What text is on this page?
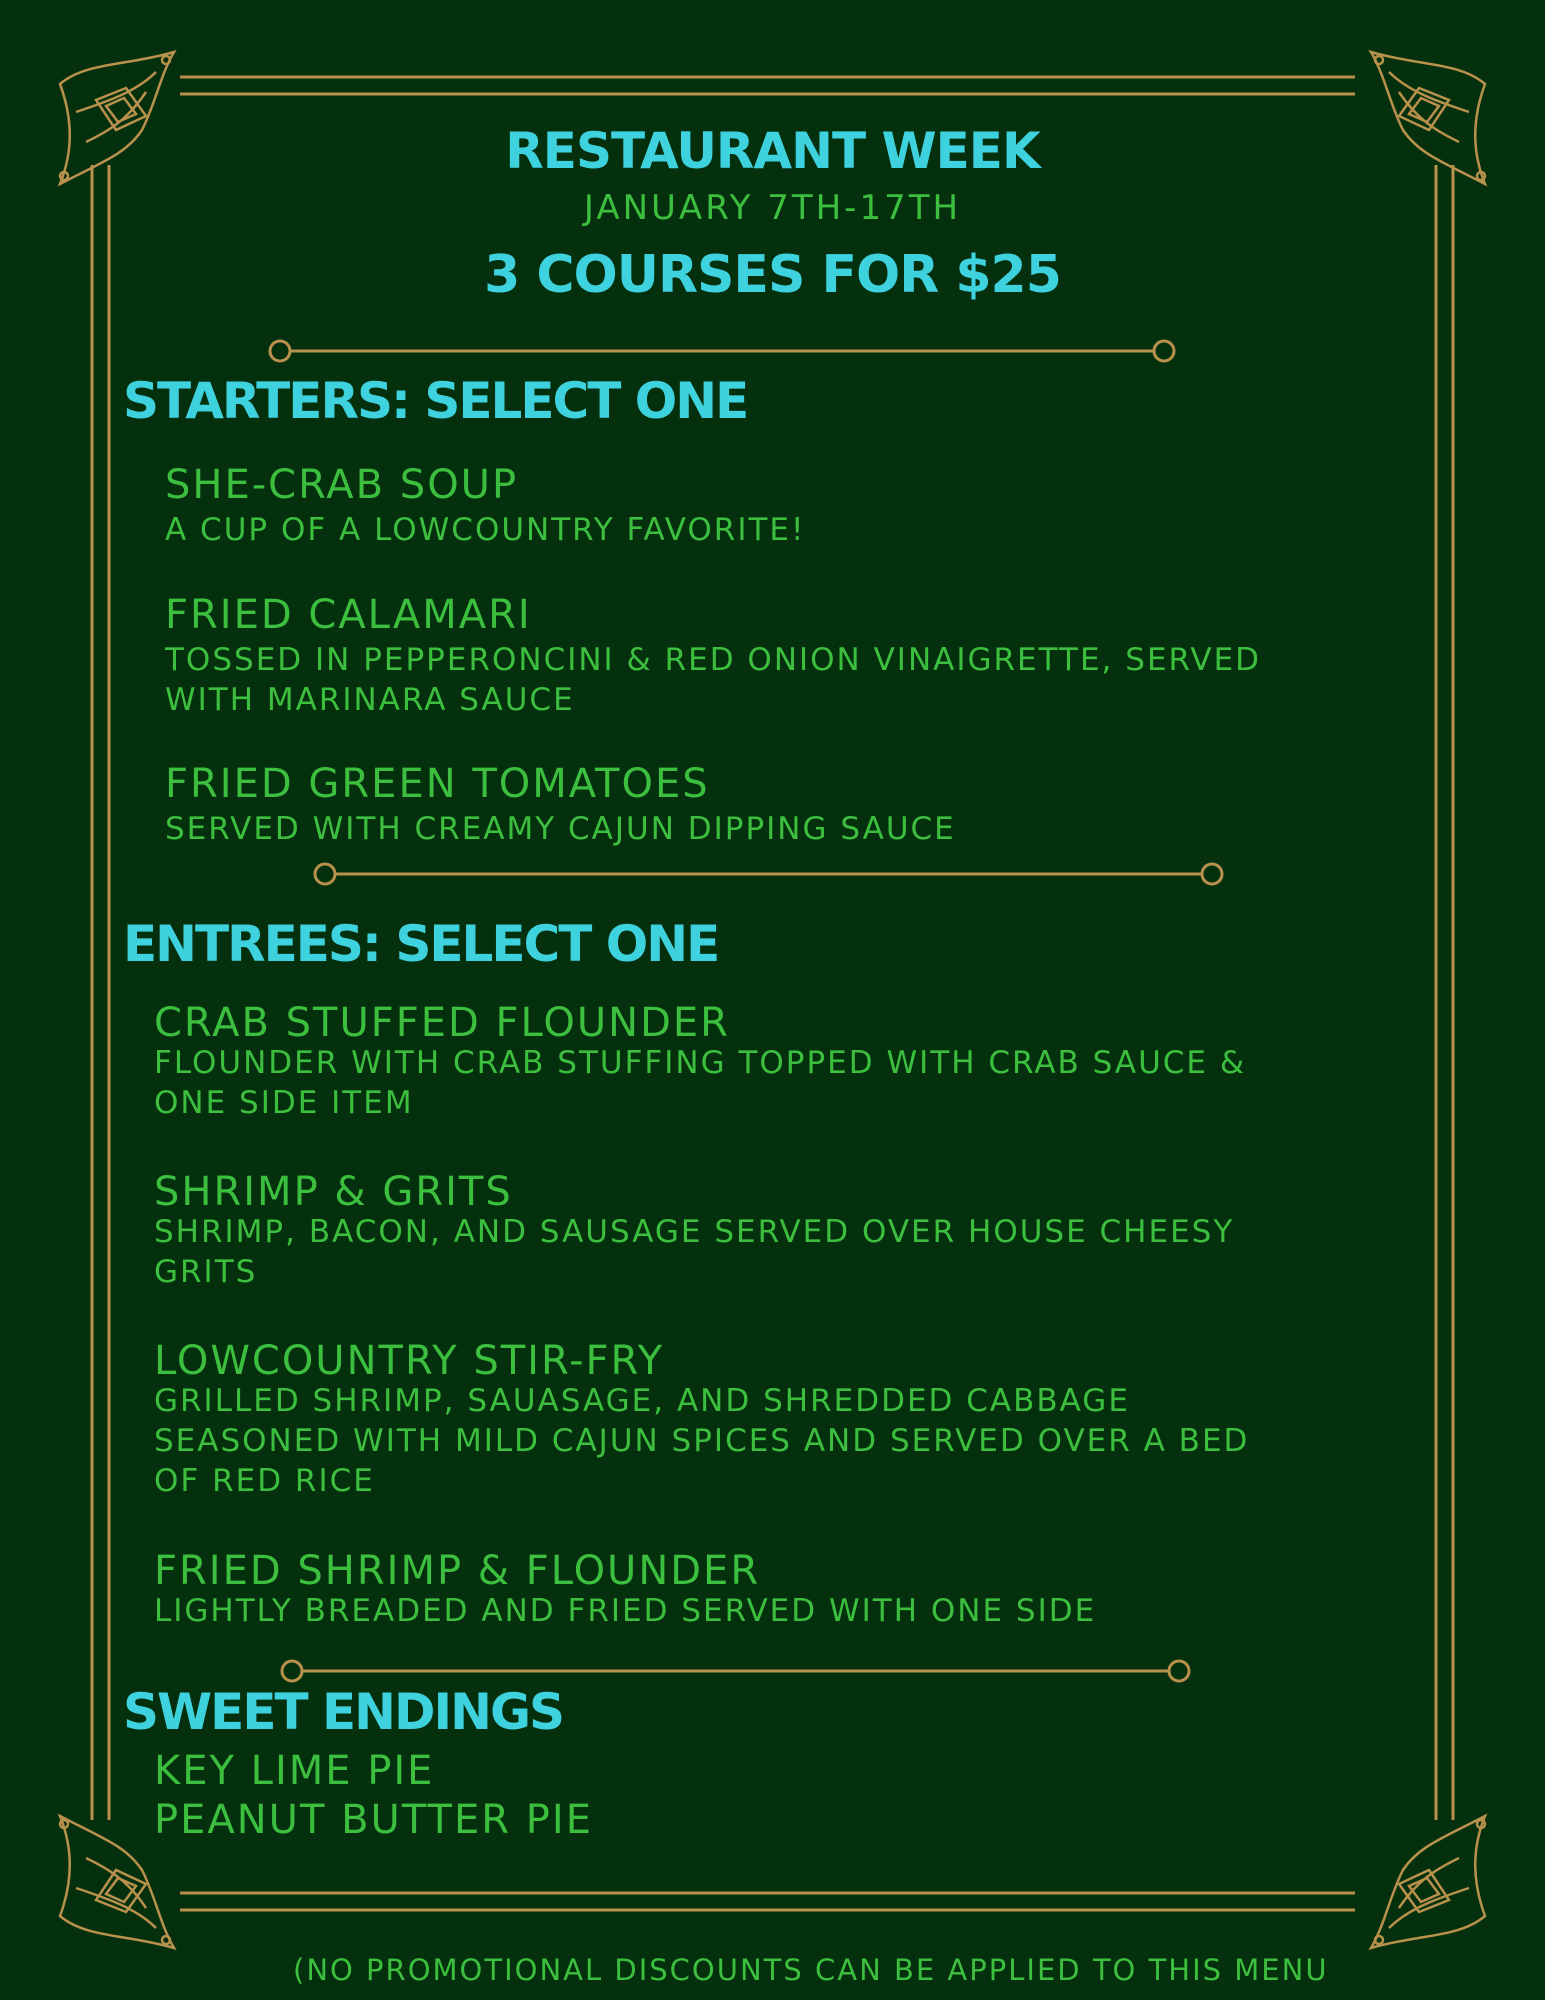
RESTAURANT WEEK
JANUARY 7TH-17TH
3 COURSES FOR $25
STARTERS: SELECT ONE
SHE-CRAB SOUP
A CUP OF A LOWCOUNTRY FAVORITE!
FRIED CALAMARI
TOSSED IN PEPPERONCINI & RED ONION VINAIGRETTE, SERVED
WITH MARINARA SAUCE
FRIED GREEN TOMATOES
SERVED WITH CREAMY CAJUN DIPPING SAUCE
ENTREES: SELECT ONE
CRAB STUFFED FLOUNDER
FLOUNDER WITH CRAB STUFFING TOPPED WITH CRAB SAUCE &
ONE SIDE ITEM
SHRIMP & GRITS
SHRIMP, BACON, AND SAUSAGE SERVED OVER HOUSE CHEESY
GRITS
LOWCOUNTRY STIR-FRY
GRILLED SHRIMP, SAUASAGE, AND SHREDDED CABBAGE
SEASONED WITH MILD CAJUN SPICES AND SERVED OVER A BED
OF RED RICE
FRIED SHRIMP & FLOUNDER
LIGHTLY BREADED AND FRIED SERVED WITH ONE SIDE
SWEET ENDINGS
KEY LIME PIE
PEANUT BUTTER PIE
(NO PROMOTIONAL DISCOUNTS CAN BE APPLIED TO THIS MENU
